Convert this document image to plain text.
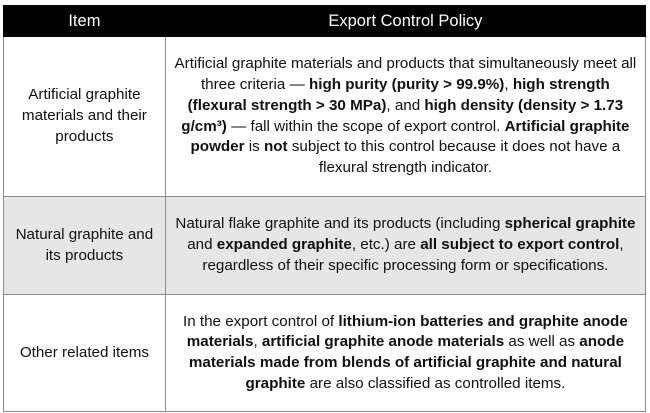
Item	Export Control Policy
Artificial graphite materials and their products	Artificial graphite materials and products that simultaneously meet all three criteria — high purity (purity > 99.9%), high strength (flexural strength > 30 MPa), and high density (density > 1.73 g/cm³) — fall within the scope of export control. Artificial graphite powder is not subject to this control because it does not have a flexural strength indicator.
Natural graphite and its products	Natural flake graphite and its products (including spherical graphite and expanded graphite, etc.) are all subject to export control, regardless of their specific processing form or specifications.
Other related items	In the export control of lithium-ion batteries and graphite anode materials, artificial graphite anode materials as well as anode materials made from blends of artificial graphite and natural graphite are also classified as controlled items.
